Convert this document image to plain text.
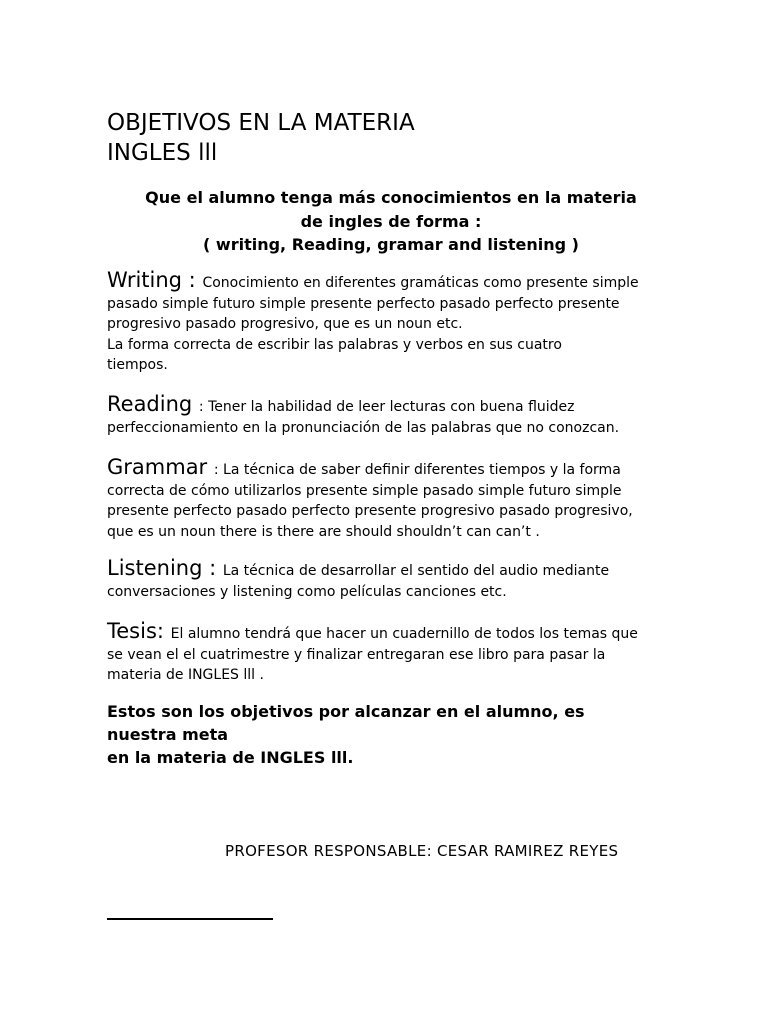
OBJETIVOS EN LA MATERIA
INGLES lll
Que el alumno tenga más conocimientos en la materia
de ingles de forma :
( writing, Reading, gramar and listening )
Writing : Conocimiento en diferentes gramáticas como presente simple
pasado simple futuro simple presente perfecto pasado perfecto presente
progresivo pasado progresivo, que es un noun etc.
La forma correcta de escribir las palabras y verbos en sus cuatro
tiempos.
Reading : Tener la habilidad de leer lecturas con buena fluidez
perfeccionamiento en la pronunciación de las palabras que no conozcan.
Grammar : La técnica de saber definir diferentes tiempos y la forma
correcta de cómo utilizarlos presente simple pasado simple futuro simple
presente perfecto pasado perfecto presente progresivo pasado progresivo,
que es un noun there is there are should shouldn’t can can’t .
Listening : La técnica de desarrollar el sentido del audio mediante
conversaciones y listening como películas canciones etc.
Tesis: El alumno tendrá que hacer un cuadernillo de todos los temas que
se vean el el cuatrimestre y finalizar entregaran ese libro para pasar la
materia de INGLES lll .
Estos son los objetivos por alcanzar en el alumno, es
nuestra meta
en la materia de INGLES lll.
PROFESOR RESPONSABLE: CESAR RAMIREZ REYES
